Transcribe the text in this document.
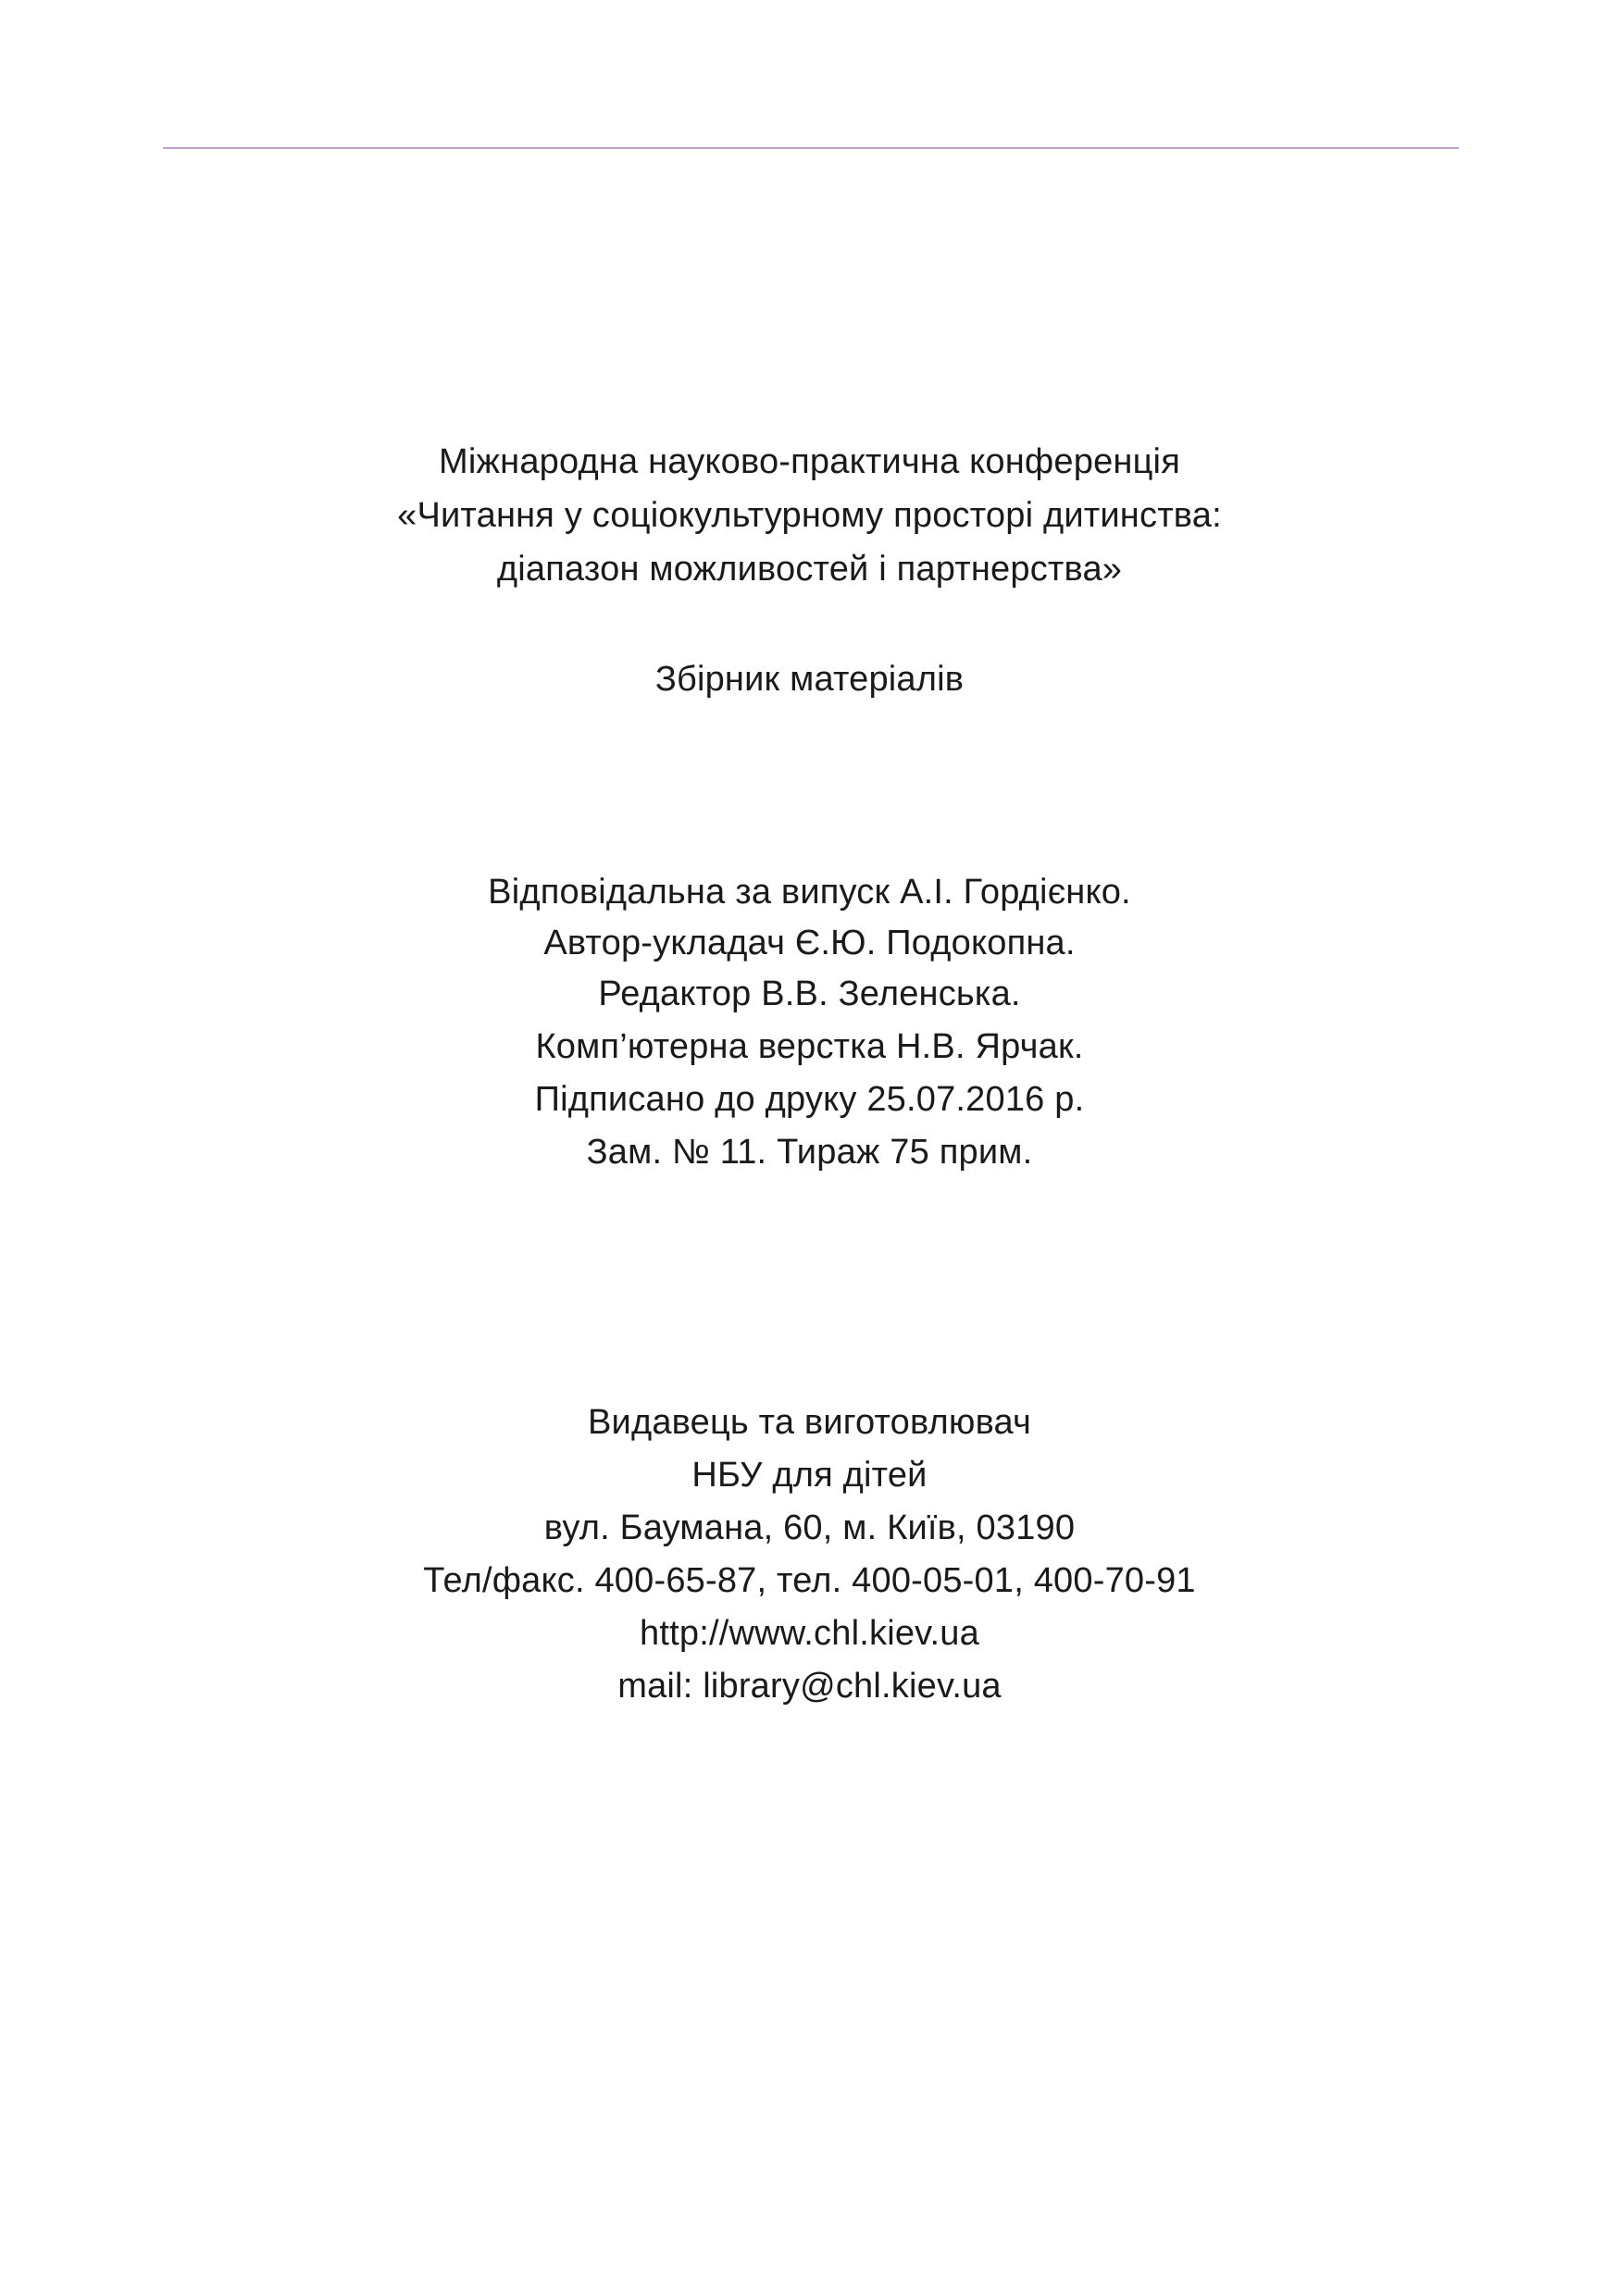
Міжнародна науково-практична конференція
«Читання у соціокультурному просторі дитинства:
діапазон можливостей і партнерства»
Збірник матеріалів
Відповідальна за випуск А.І. Гордієнко.
Автор-укладач Є.Ю. Подокопна.
Редактор В.В. Зеленська.
Комп’ютерна верстка Н.В. Ярчак.
Підписано до друку 25.07.2016 р.
Зам. № 11. Тираж 75 прим.
Видавець та виготовлювач
НБУ для дітей
вул. Баумана, 60, м. Київ, 03190
Тел/факс. 400-65-87, тел. 400-05-01, 400-70-91
http://www.chl.kiev.ua
mail: library@chl.kiev.ua
